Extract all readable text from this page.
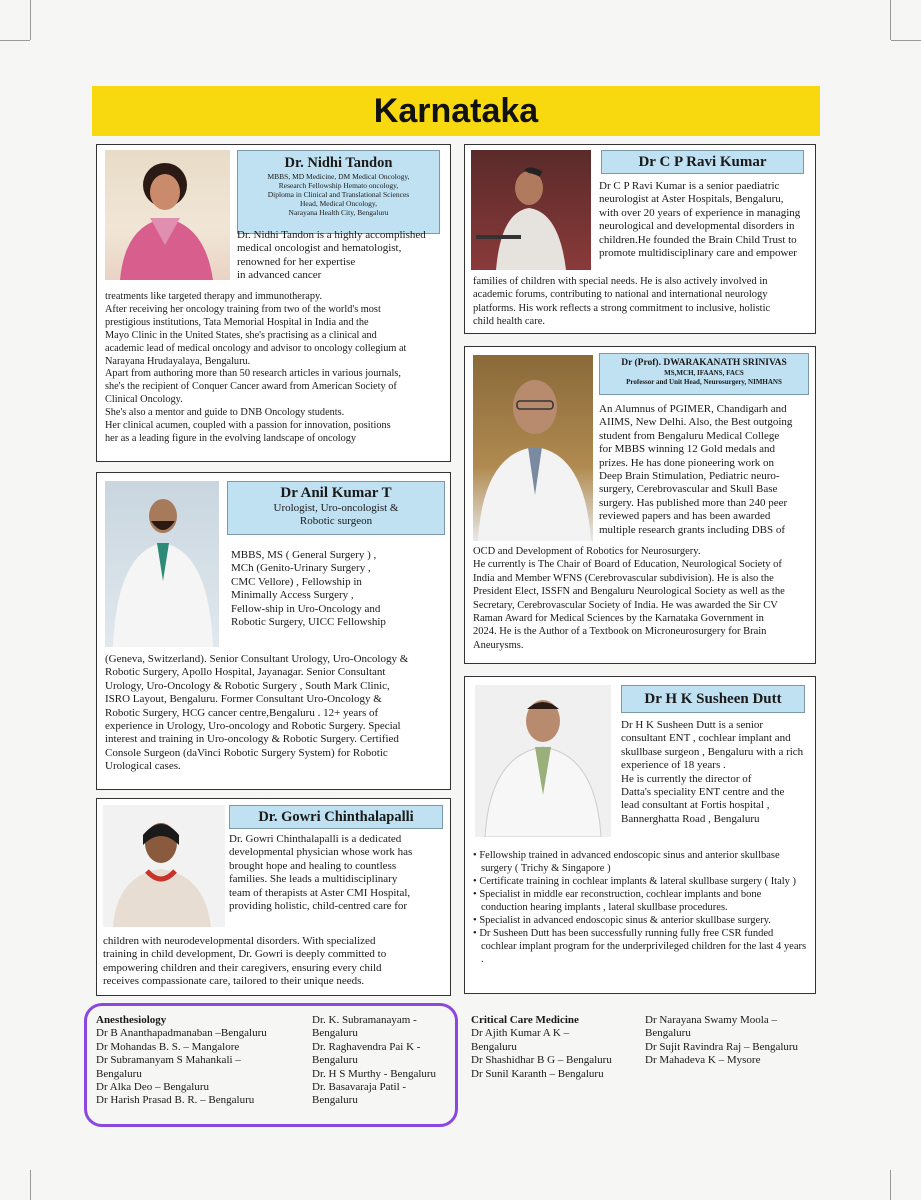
Karnataka
Dr. Nidhi Tandon
MBBS, MD Medicine, DM Medical Oncology,
Research Fellowship Hemato oncology,
Diploma in Clinical and Translational Sciences
Head, Medical Oncology,
Narayana Health City, Bengaluru
Dr. Nidhi Tandon is a highly accomplished
medical oncologist and hematologist,
renowned for her expertise
in advanced cancer
treatments like targeted therapy and immunotherapy.
After receiving her oncology training from two of the world's most
prestigious institutions, Tata Memorial Hospital in India and the
Mayo Clinic in the United States, she's practising as a clinical and
academic lead of medical oncology and advisor to oncology collegium at
Narayana Hrudayalaya, Bengaluru.
Apart from authoring more than 50 research articles in various journals,
she's the recipient of Conquer Cancer award from American Society of
Clinical Oncology.
She's also a mentor and guide to DNB Oncology students.
Her clinical acumen, coupled with a passion for innovation, positions
her as a leading figure in the evolving landscape of oncology
Dr C P Ravi Kumar
Dr C P Ravi Kumar is a senior paediatric
neurologist at Aster Hospitals, Bengaluru,
with over 20 years of experience in managing
neurological and developmental disorders in
children.He founded the Brain Child Trust to
promote multidisciplinary care and empower
families of children with special needs. He is also actively involved in
academic forums, contributing to national and international neurology
platforms. His work reflects a strong commitment to inclusive, holistic
child health care.
Dr (Prof). DWARAKANATH SRINIVAS
MS,MCH, IFAANS, FACS
Professor and Unit Head, Neurosurgery, NIMHANS
An Alumnus of PGIMER, Chandigarh and
AIIMS, New Delhi. Also, the Best outgoing
student from Bengaluru Medical College
for MBBS winning 12 Gold medals and
prizes. He has done pioneering work on
Deep Brain Stimulation, Pediatric neuro-
surgery, Cerebrovascular and Skull Base
surgery. Has published more than 240 peer
reviewed papers and has been awarded
multiple research grants including DBS of
OCD and Development of Robotics for Neurosurgery.
He currently is The Chair of Board of Education, Neurological Society of
India and Member WFNS (Cerebrovascular subdivision). He is also the
President Elect, ISSFN and Bengaluru Neurological Society as well as the
Secretary, Cerebrovascular Society of India. He was awarded the Sir CV
Raman Award for Medical Sciences by the Karnataka Government in
2024. He is the Author of a Textbook on Microneurosurgery for Brain
Aneurysms.
Dr Anil Kumar T
Urologist, Uro-oncologist &
Robotic surgeon
MBBS, MS ( General Surgery ) ,
MCh (Genito-Urinary Surgery ,
CMC Vellore) , Fellowship in
Minimally Access Surgery ,
Fellow-ship in Uro-Oncology and
Robotic Surgery, UICC Fellowship
(Geneva, Switzerland). Senior Consultant Urology, Uro-Oncology &
Robotic Surgery, Apollo Hospital, Jayanagar. Senior Consultant
Urology, Uro-Oncology & Robotic Surgery , South Mark Clinic,
ISRO Layout, Bengaluru. Former Consultant Uro-Oncology &
Robotic Surgery, HCG cancer centre,Bengaluru . 12+ years of
experience in Urology, Uro-oncology and Robotic Surgery. Special
interest and training in Uro-oncology & Robotic Surgery. Certified
Console Surgeon (daVinci Robotic Surgery System) for Robotic
Urological cases.
Dr H K Susheen Dutt
Dr H K Susheen Dutt is a senior
consultant ENT , cochlear implant and
skullbase surgeon , Bengaluru with a rich
experience of 18 years .
He is currently the director of
Datta's speciality ENT centre and the
lead consultant at Fortis hospital ,
Bannerghatta Road , Bengaluru
• Fellowship trained in advanced endoscopic sinus and anterior skullbase surgery ( Trichy & Singapore )
• Certificate training in cochlear implants & lateral skullbase surgery ( Italy )
• Specialist in middle ear reconstruction, cochlear implants and bone conduction hearing implants , lateral skullbase procedures.
• Specialist in advanced endoscopic sinus & anterior skullbase surgery.
• Dr Susheen Dutt has been successfully running fully free CSR funded cochlear implant program for the underprivileged children for the last 4 years .
Dr. Gowri Chinthalapalli
Dr. Gowri Chinthalapalli is a dedicated
developmental physician whose work has
brought hope and healing to countless
families. She leads a multidisciplinary
team of therapists at Aster CMI Hospital,
providing holistic, child-centred care for
children with neurodevelopmental disorders. With specialized
training in child development, Dr. Gowri is deeply committed to
empowering children and their caregivers, ensuring every child
receives compassionate care, tailored to their unique needs.
Anesthesiology
Dr B Ananthapadmanaban –Bengaluru
Dr Mohandas B. S. – Mangalore
Dr Subramanyam S Mahankali –
Bengaluru
Dr Alka Deo – Bengaluru
Dr Harish Prasad B. R. – Bengaluru
Dr. K. Subramanayam -
Bengaluru
Dr. Raghavendra Pai K -
Bengaluru
Dr. H S Murthy - Bengaluru
Dr. Basavaraja Patil -
Bengaluru
Critical Care Medicine
Dr Ajith Kumar A K –
Bengaluru
Dr Shashidhar B G – Bengaluru
Dr Sunil Karanth – Bengaluru
Dr Narayana Swamy Moola –
Bengaluru
Dr Sujit Ravindra Raj – Bengaluru
Dr Mahadeva K – Mysore
